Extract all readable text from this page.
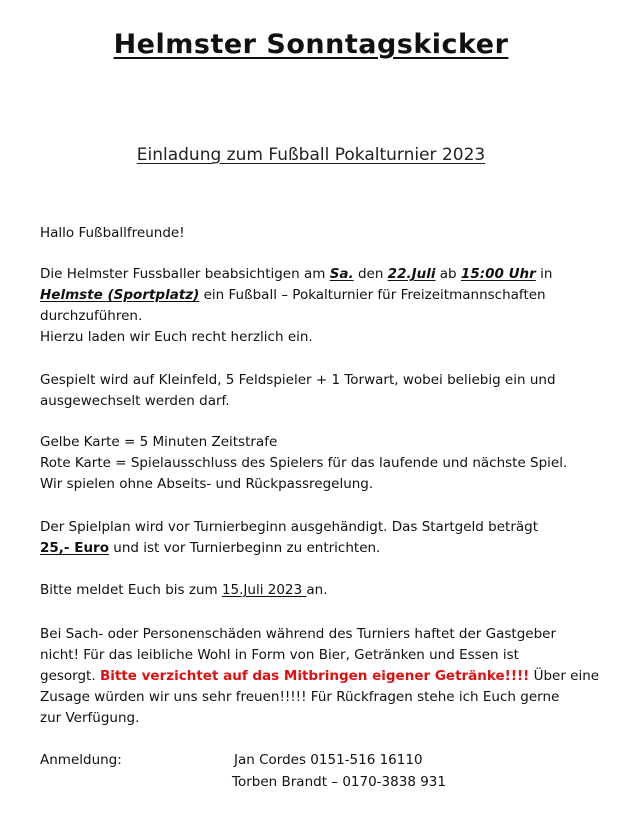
Helmster Sonntagskicker
Einladung zum Fußball Pokalturnier 2023
Hallo Fußballfreunde!
Die Helmster Fussballer beabsichtigen am Sa. den 22.Juli ab 15:00 Uhr in
Helmste (Sportplatz) ein Fußball – Pokalturnier für Freizeitmannschaften
durchzuführen.
Hierzu laden wir Euch recht herzlich ein.
Gespielt wird auf Kleinfeld, 5 Feldspieler + 1 Torwart, wobei beliebig ein und
ausgewechselt werden darf.
Gelbe Karte = 5 Minuten Zeitstrafe
Rote Karte = Spielausschluss des Spielers für das laufende und nächste Spiel.
Wir spielen ohne Abseits- und Rückpassregelung.
Der Spielplan wird vor Turnierbeginn ausgehändigt. Das Startgeld beträgt
25,- Euro und ist vor Turnierbeginn zu entrichten.
Bitte meldet Euch bis zum 15.Juli 2023 an.
Bei Sach- oder Personenschäden während des Turniers haftet der Gastgeber
nicht! Für das leibliche Wohl in Form von Bier, Getränken und Essen ist
gesorgt. Bitte verzichtet auf das Mitbringen eigener Getränke!!!! Über eine
Zusage würden wir uns sehr freuen!!!!! Für Rückfragen stehe ich Euch gerne
zur Verfügung.
Anmeldung:	Jan Cordes 0151-516 16110
Torben Brandt – 0170-3838 931
